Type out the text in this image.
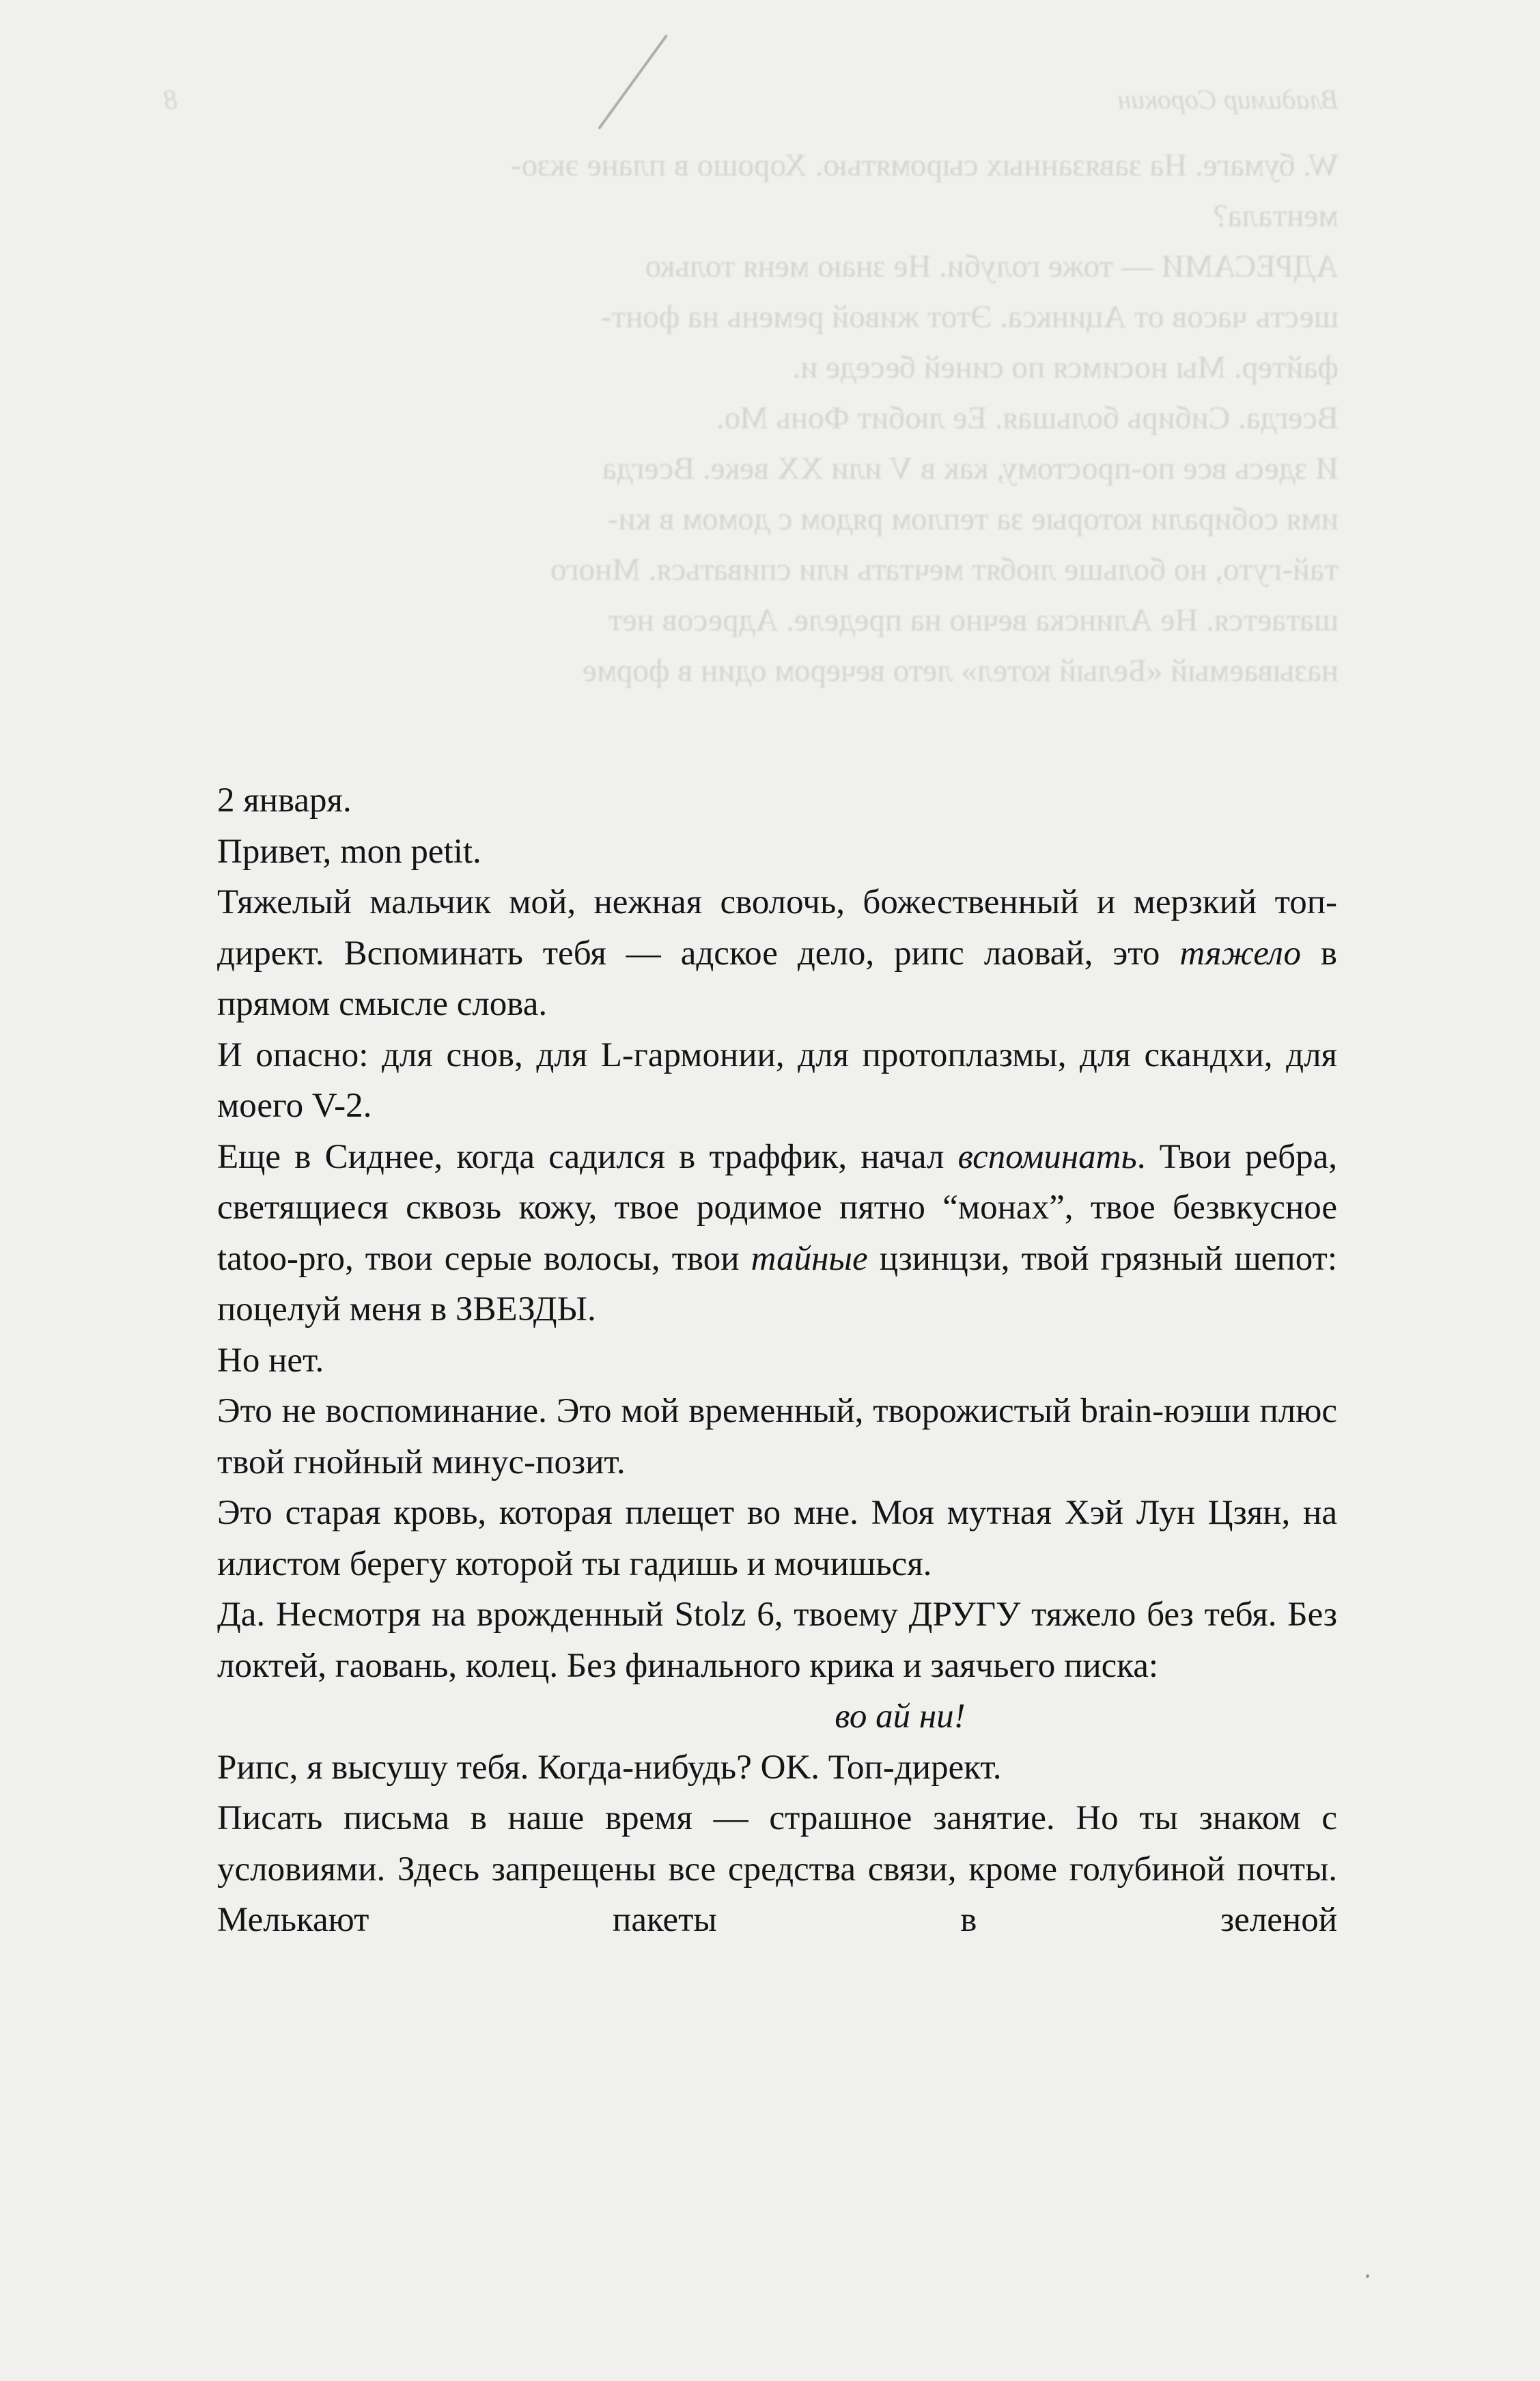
Владимир Сорокин
8
W. бумаге. На завязанных сыромятью. Хорошо в плане экзо-
ментала?
АДРЕСАМИ — тоже голуби. Не знаю меня только
шесть часов от Ацинкса. Этот живой ремень на фонт-
файтер. Мы носимся по синей беседе и.
Всегда. Сибирь большая. Ее любит Фонь Мо.
И здесь все по-простому, как в V или XX веке. Всегда
имя собирали которые за теплом рядом с домом в ки-
тай-гуто, но больше любят мечтать или спиваться. Много
шатается. Не Алинска вечно на пределе. Адресов нет
называемый «Белый котел» лето вечером один в форме

2 января.

Привет, mon petit.

Тяжелый мальчик мой, нежная сволочь, божественный и мерзкий топ-директ. Вспоминать тебя — адское дело, рипс лаовай, это тяжело в прямом смысле слова.

И опасно: для снов, для L-гармонии, для протоплазмы, для скандхи, для моего V-2.

Еще в Сиднее, когда садился в траффик, начал вспоминать. Твои ребра, светящиеся сквозь кожу, твое родимое пятно “монах”, твое безвкусное tatoo-pro, твои серые волосы, твои тайные цзинцзи, твой грязный шепот: поцелуй меня в ЗВЕЗДЫ.

Но нет.

Это не воспоминание. Это мой временный, творожистый brain-юэши плюс твой гнойный минус-позит.

Это старая кровь, которая плещет во мне. Моя мутная Хэй Лун Цзян, на илистом берегу которой ты гадишь и мочишься.

Да. Несмотря на врожденный Stolz 6, твоему ДРУГУ тяжело без тебя. Без локтей, гаовань, колец. Без финального крика и заячьего писка:

во ай ни!

Рипс, я высушу тебя. Когда-нибудь? OK. Топ-директ.

Писать письма в наше время — страшное занятие. Но ты знаком с условиями. Здесь запрещены все средства связи, кроме голубиной почты. Мелькают пакеты в зеленой
